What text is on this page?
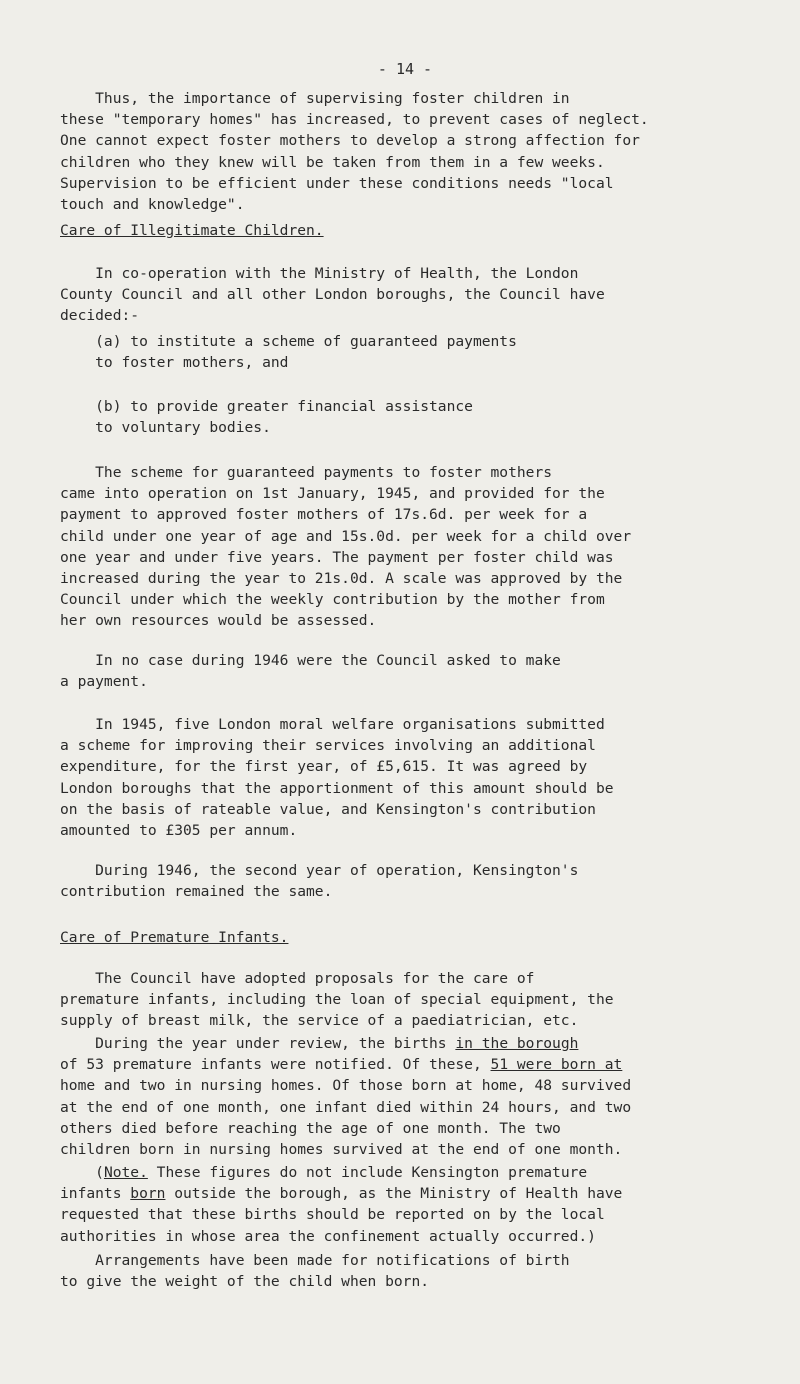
- 14 -

Thus, the importance of supervising foster children in
these "temporary homes" has increased, to prevent cases of neglect.
One cannot expect foster mothers to develop a strong affection for
children who they knew will be taken from them in a few weeks.
Supervision to be efficient under these conditions needs "local
touch and knowledge".

Care of Illegitimate Children.

In co-operation with the Ministry of Health, the London
County Council and all other London boroughs, the Council have
decided:-

(a) to institute a scheme of guaranteed payments
to foster mothers, and

(b) to provide greater financial assistance
to voluntary bodies.

The scheme for guaranteed payments to foster mothers
came into operation on 1st January, 1945, and provided for the
payment to approved foster mothers of 17s.6d. per week for a
child under one year of age and 15s.0d. per week for a child over
one year and under five years. The payment per foster child was
increased during the year to 21s.0d. A scale was approved by the
Council under which the weekly contribution by the mother from
her own resources would be assessed.

In no case during 1946 were the Council asked to make
a payment.

In 1945, five London moral welfare organisations submitted
a scheme for improving their services involving an additional
expenditure, for the first year, of £5,615. It was agreed by
London boroughs that the apportionment of this amount should be
on the basis of rateable value, and Kensington's contribution
amounted to £305 per annum.

During 1946, the second year of operation, Kensington's
contribution remained the same.

Care of Premature Infants.

The Council have adopted proposals for the care of
premature infants, including the loan of special equipment, the
supply of breast milk, the service of a paediatrician, etc.

During the year under review, the births in the borough
of 53 premature infants were notified. Of these, 51 were born at
home and two in nursing homes. Of those born at home, 48 survived
at the end of one month, one infant died within 24 hours, and two
others died before reaching the age of one month. The two
children born in nursing homes survived at the end of one month.

(Note. These figures do not include Kensington premature
infants born outside the borough, as the Ministry of Health have
requested that these births should be reported on by the local
authorities in whose area the confinement actually occurred.)

Arrangements have been made for notifications of birth
to give the weight of the child when born.
